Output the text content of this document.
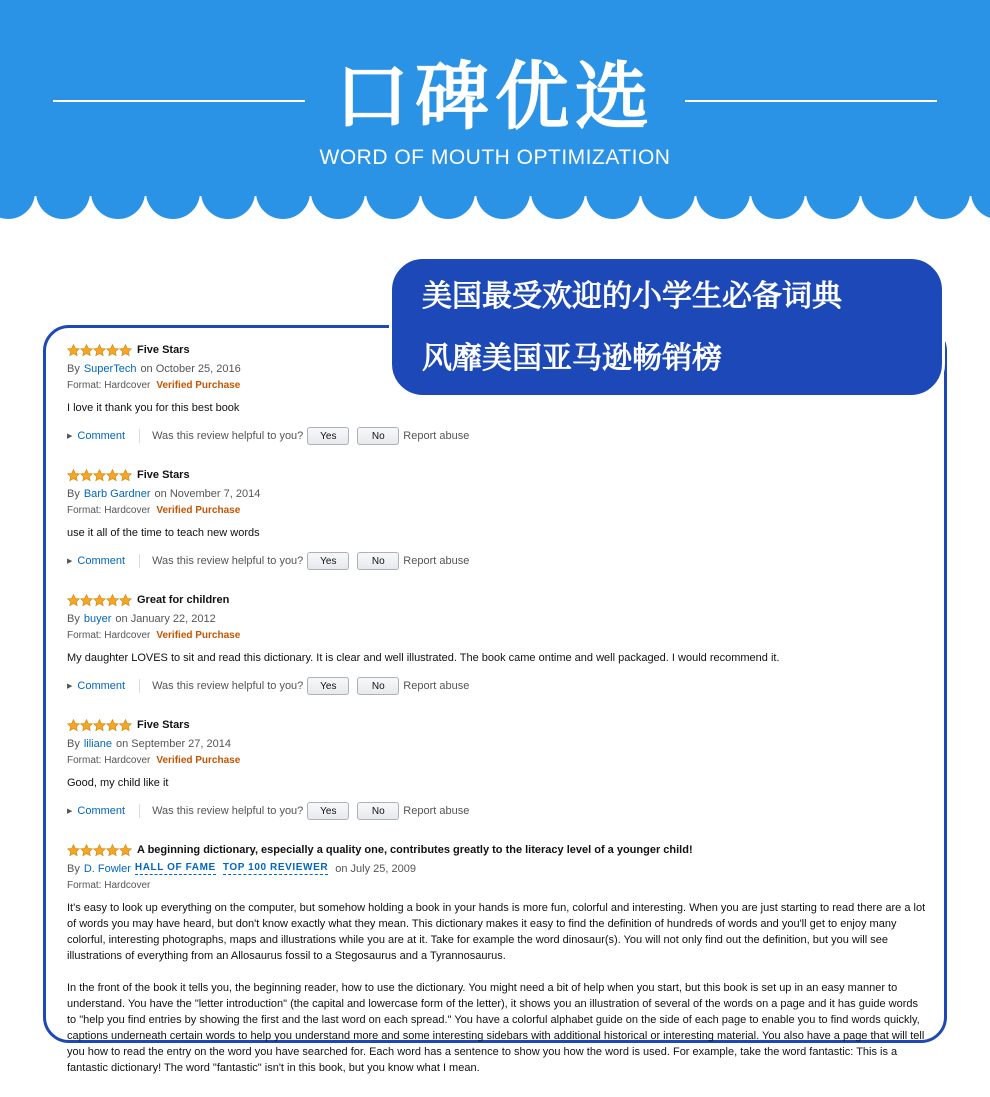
口碑优选
WORD OF MOUTH OPTIMIZATION
Five Stars
By SuperTech on
October 25, 2016
Format: Hardcover Verified Purchase

I love it thank you for this best book

▶ Comment Was this review helpful to you?	Yes	No	Report abuse
Five Stars
By Barb Gardner on
November 7, 2014
Format: Hardcover Verified Purchase

use it all of the time to teach new words

▶ Comment Was this review helpful to you?	Yes	No	Report abuse
Great for children
By buyer on
January 22, 2012
Format: Hardcover Verified Purchase

My daughter LOVES to sit and read this dictionary. It is clear and well illustrated. The book came ontime and well packaged. I would recommend it.

▶ Comment Was this review helpful to you?	Yes	No	Report abuse
Five Stars
By liliane on
September 27, 2014
Format: Hardcover Verified Purchase

Good, my child like it

▶ Comment Was this review helpful to you?	Yes	No	Report abuse
A beginning dictionary, especially a quality one, contributes greatly to the literacy level of a younger child!
By D. Fowler HALL OF FAME TOP 100 REVIEWER on
July 25, 2009
Format: Hardcover

It's easy to look up everything on the computer, but somehow holding a book in your hands is more fun, colorful and interesting. When you are just starting to read there are a lot of words you may have heard, but don't know exactly what they mean. This dictionary makes it easy to find the definition of hundreds of words and you'll get to enjoy many colorful, interesting photographs, maps and illustrations while you are at it. Take for example the word dinosaur(s). You will not only find out the definition, but you will see illustrations of everything from an Allosaurus fossil to a Stegosaurus and a Tyrannosaurus.

In the front of the book it tells you, the beginning reader, how to use the dictionary. You might need a bit of help when you start, but this book is set up in an easy manner to understand. You have the "letter introduction" (the capital and lowercase form of the letter), it shows you an illustration of several of the words on a page and it has guide words to "help you find entries by showing the first and the last word on each spread." You have a colorful alphabet guide on the side of each page to enable you to find words quickly, captions underneath certain words to help you understand more and some interesting sidebars with additional historical or interesting material. You also have a page that will tell you how to read the entry on the word you have searched for. Each word has a sentence to show you how the word is used. For example, take the word fantastic: This is a fantastic dictionary! The word "fantastic" isn't in this book, but you know what I mean.

美国最受欢迎的小学生必备词典
风靡美国亚马逊畅销榜
